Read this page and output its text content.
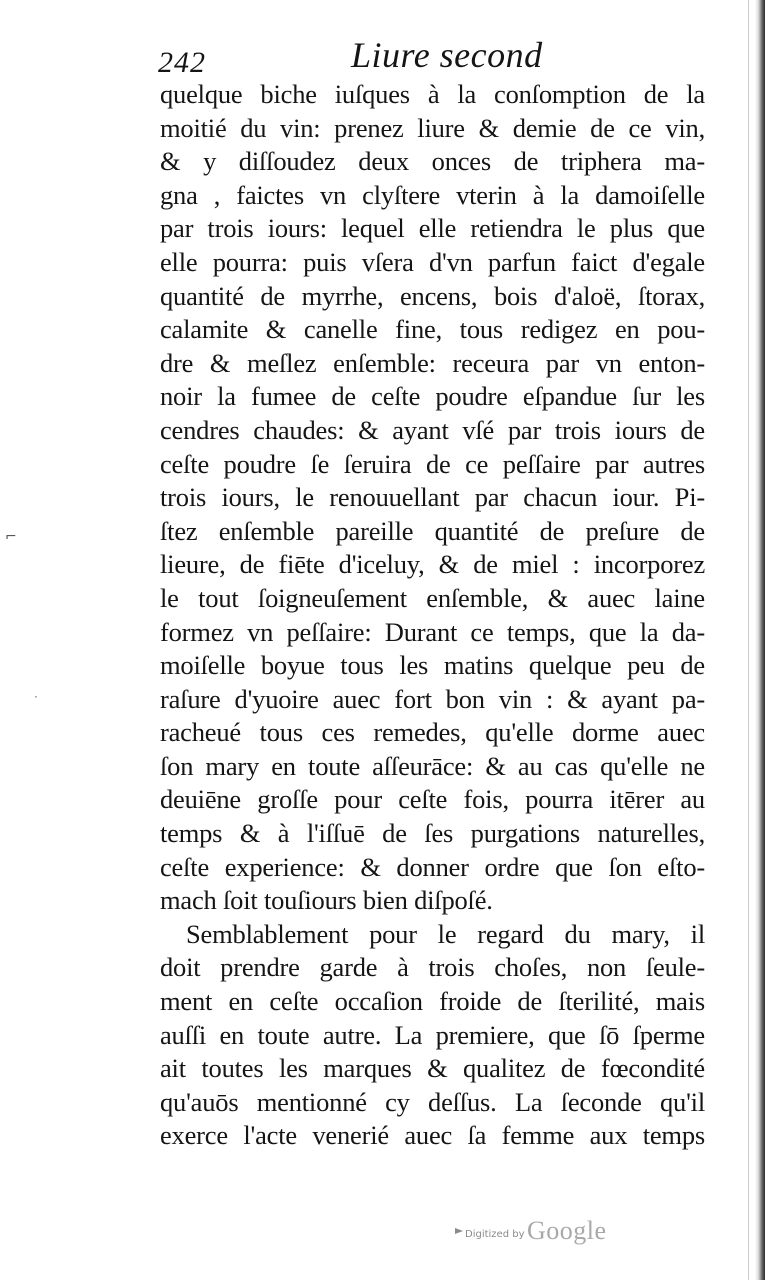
242	Liure second
⌐
·
quelque biche iuſques à la conſomption de la
moitié du vin: prenez liure & demie de ce vin,
& y diſſoudez deux onces de triphera ma-
gna , faictes vn clyſtere vterin à la damoiſelle
par trois iours: lequel elle retiendra le plus que
elle pourra: puis vſera d'vn parfun faict d'egale
quantité de myrrhe, encens, bois d'aloë, ſtorax,
calamite & canelle fine, tous redigez en pou-
dre & meſlez enſemble: receura par vn enton-
noir la fumee de ceſte poudre eſpandue ſur les
cendres chaudes: & ayant vſé par trois iours de
ceſte poudre ſe ſeruira de ce peſſaire par autres
trois iours, le renouuellant par chacun iour. Pi-
ſtez enſemble pareille quantité de preſure de
lieure, de fiēte d'iceluy, & de miel : incorporez
le tout ſoigneuſement enſemble, & auec laine
formez vn peſſaire: Durant ce temps, que la da-
moiſelle boyue tous les matins quelque peu de
raſure d'yuoire auec fort bon vin : & ayant pa-
racheué tous ces remedes, qu'elle dorme auec
ſon mary en toute aſſeurāce: & au cas qu'elle ne
deuiēne groſſe pour ceſte fois, pourra itērer au
temps & à l'iſſuē de ſes purgations naturelles,
ceſte experience: & donner ordre que ſon eſto-
mach ſoit touſiours bien diſpoſé.
Semblablement pour le regard du mary, il
doit prendre garde à trois choſes, non ſeule-
ment en ceſte occaſion froide de ſterilité, mais
auſſi en toute autre. La premiere, que ſō ſperme
ait toutes les marques & qualitez de fœcondité
qu'auōs mentionné cy deſſus. La ſeconde qu'il
exerce l'acte venerié auec ſa femme aux temps
Digitized by Google
